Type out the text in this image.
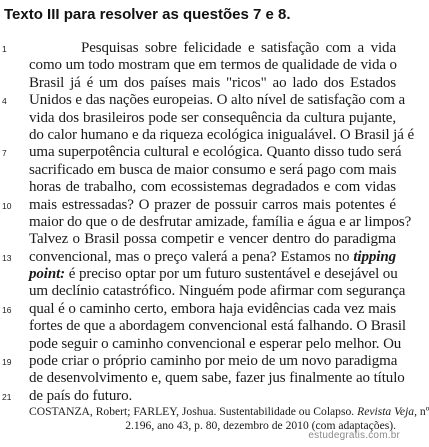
Texto III para resolver as questões 7 e 8.
1	Pesquisas sobre felicidade e satisfação com a vida
como um todo mostram que em termos de qualidade de vida o
Brasil já é um dos países mais "ricos" ao lado dos Estados
4 Unidos e das nações europeias. O alto nível de satisfação com a
vida dos brasileiros pode ser consequência da cultura pujante,
do calor humano e da riqueza ecológica inigualável. O Brasil já é
7 uma superpotência cultural e ecológica. Quanto disso tudo será
sacrificado em busca de maior consumo e será pago com mais
horas de trabalho, com ecossistemas degradados e com vidas
10 mais estressadas? O prazer de possuir carros mais potentes é
maior do que o de desfrutar amizade, família e água e ar limpos?
Talvez o Brasil possa competir e vencer dentro do paradigma
13 convencional, mas o preço valerá a pena? Estamos no tipping
point: é preciso optar por um futuro sustentável e desejável ou
um declínio catastrófico. Ninguém pode afirmar com segurança
16 qual é o caminho certo, embora haja evidências cada vez mais
fortes de que a abordagem convencional está falhando. O Brasil
pode seguir o caminho convencional e esperar pelo melhor. Ou
19 pode criar o próprio caminho por meio de um novo paradigma
de desenvolvimento e, quem sabe, fazer jus finalmente ao título
21 de país do futuro.
COSTANZA, Robert; FARLEY, Joshua. Sustentabilidade ou Colapso. Revista Veja, nº
2.196, ano 43, p. 80, dezembro de 2010 (com adaptações).
estudegratis.com.br
